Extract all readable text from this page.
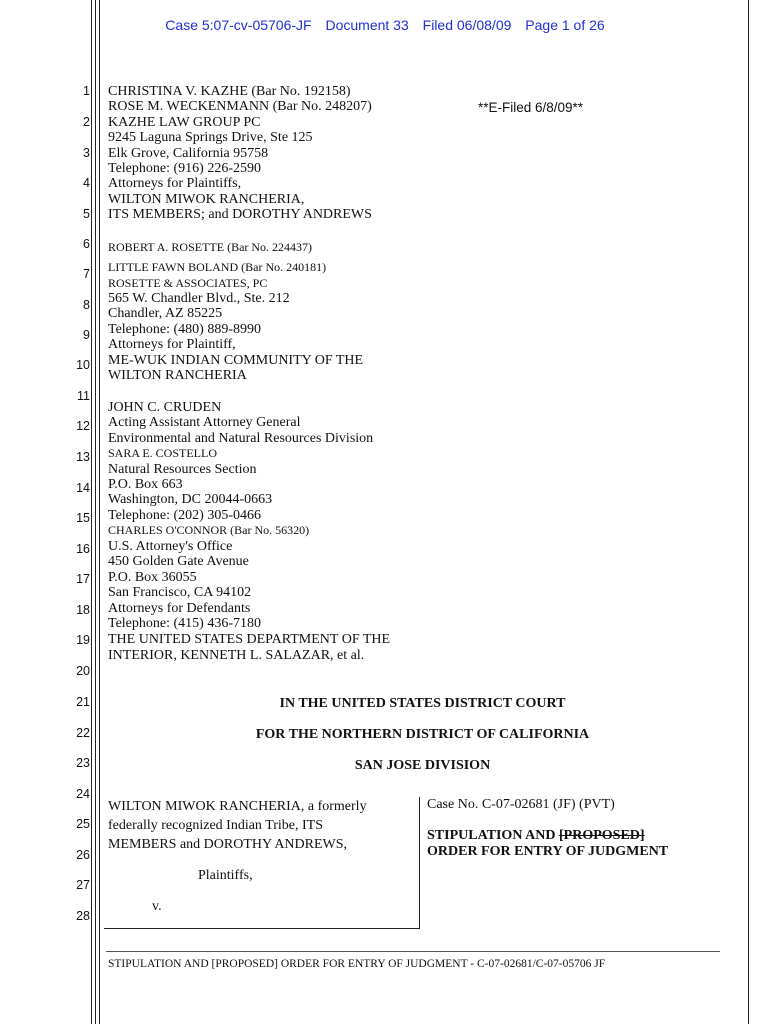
Case 5:07-cv-05706-JF Document 33 Filed 06/08/09 Page 1 of 26
1
2
3
4
5
6
7
8
9
10
11
12
13
14
15
16
17
18
19
20
21
22
23
24
25
26
27
28
**E-Filed 6/8/09**
CHRISTINA V. KAZHE (Bar No. 192158)
ROSE M. WECKENMANN (Bar No. 248207)
KAZHE LAW GROUP PC
9245 Laguna Springs Drive, Ste 125
Elk Grove, California 95758
Telephone: (916) 226-2590
Attorneys for Plaintiffs,
WILTON MIWOK RANCHERIA,
ITS MEMBERS; and DOROTHY ANDREWS
ROBERT A. ROSETTE (Bar No. 224437)
LITTLE FAWN BOLAND (Bar No. 240181)
ROSETTE & ASSOCIATES, PC
565 W. Chandler Blvd., Ste. 212
Chandler, AZ 85225
Telephone: (480) 889-8990
Attorneys for Plaintiff,
ME-WUK INDIAN COMMUNITY OF THE
WILTON RANCHERIA
JOHN C. CRUDEN
Acting Assistant Attorney General
Environmental and Natural Resources Division
SARA E. COSTELLO
Natural Resources Section
P.O. Box 663
Washington, DC 20044-0663
Telephone: (202) 305-0466
CHARLES O'CONNOR (Bar No. 56320)
U.S. Attorney's Office
450 Golden Gate Avenue
P.O. Box 36055
San Francisco, CA 94102
Attorneys for Defendants
Telephone: (415) 436-7180
THE UNITED STATES DEPARTMENT OF THE
INTERIOR, KENNETH L. SALAZAR, et al.
IN THE UNITED STATES DISTRICT COURT
FOR THE NORTHERN DISTRICT OF CALIFORNIA
SAN JOSE DIVISION
WILTON MIWOK RANCHERIA, a formerly
federally recognized Indian Tribe, ITS
MEMBERS and DOROTHY ANDREWS,
Plaintiffs,
v.
Case No. C-07-02681 (JF) (PVT)
STIPULATION AND [PROPOSED]
ORDER FOR ENTRY OF JUDGMENT
STIPULATION AND [PROPOSED] ORDER FOR ENTRY OF JUDGMENT - C-07-02681/C-07-05706 JF
